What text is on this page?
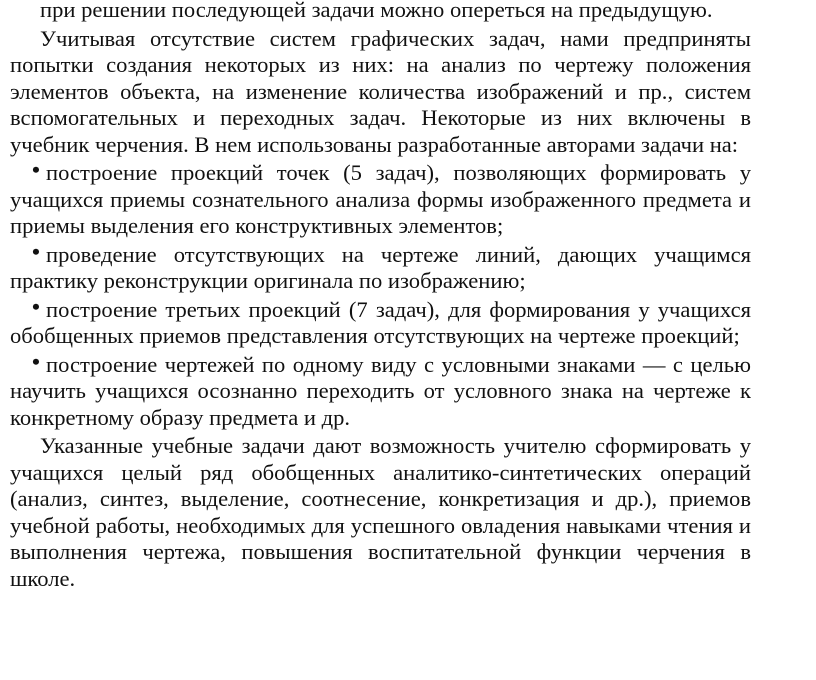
при решении последующей задачи можно опереться на предыдущую.

Учитывая отсутствие систем графических задач, нами предприняты попытки создания некоторых из них: на анализ по чертежу положения элементов объекта, на изменение количества изображений и пр., систем вспомогательных и переходных задач. Некоторые из них включены в учебник черчения. В нем использованы разработанные авторами задачи на:

• построение проекций точек (5 задач), позволяющих формировать у учащихся приемы сознательного анализа формы изображенного предмета и приемы выделения его конструктивных элементов;

• проведение отсутствующих на чертеже линий, дающих учащимся практику реконструкции оригинала по изображению;

• построение третьих проекций (7 задач), для формирования у учащихся обобщенных приемов представления отсутствующих на чертеже проекций;

• построение чертежей по одному виду с условными знаками — с целью научить учащихся осознанно переходить от условного знака на чертеже к конкретному образу предмета и др.

Указанные учебные задачи дают возможность учителю сформировать у учащихся целый ряд обобщенных аналитико-синтетических операций (анализ, синтез, выделение, соотнесение, конкретизация и др.), приемов учебной работы, необходимых для успешного овладения навыками чтения и выполнения чертежа, повышения воспитательной функции черчения в школе.
